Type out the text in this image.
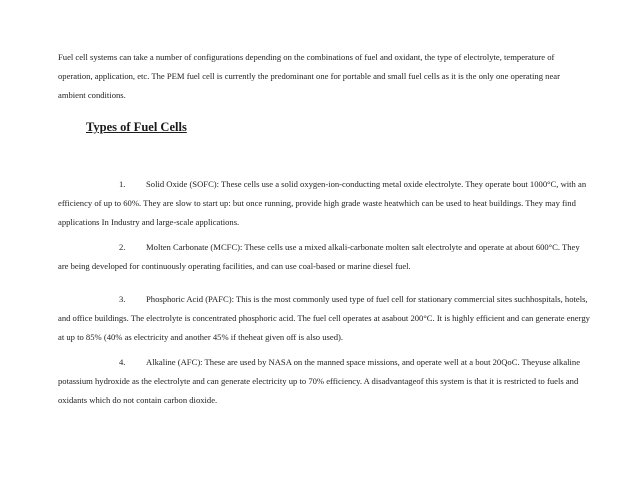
Fuel cell systems can take a number of configurations depending on the combinations of fuel and oxidant, the type of electrolyte, temperature of operation, application, etc. The PEM fuel cell is currently the predominant one for portable and small fuel cells as it is the only one operating near ambient conditions.

Types of Fuel Cells

1. Solid Oxide (SOFC): These cells use a solid oxygen-ion-conducting metal oxide electrolyte. They operate bout 1000°C, with an efficiency of up to 60%. They are slow to start up: but once running, provide high grade waste heatwhich can be used to heat buildings. They may find applications In Industry and large-scale applications.

2. Molten Carbonate (MCFC): These cells use a mixed alkali-carbonate molten salt electrolyte and operate at about 600°C. They are being developed for continuously operating facilities, and can use coal-based or marine diesel fuel.

3. Phosphoric Acid (PAFC): This is the most commonly used type of fuel cell for stationary commercial sites suchhospitals, hotels, and office buildings. The electrolyte is concentrated phosphoric acid. The fuel cell operates at asabout 200°C. It is highly efficient and can generate energy at up to 85% (40% as electricity and another 45% if theheat given off is also used).

4. Alkaline (AFC): These are used by NASA on the manned space missions, and operate well at a bout 20QoC. Theyuse alkaline potassium hydroxide as the electrolyte and can generate electricity up to 70% efficiency. A disadvantageof this system is that it is restricted to fuels and oxidants which do not contain carbon dioxide.
